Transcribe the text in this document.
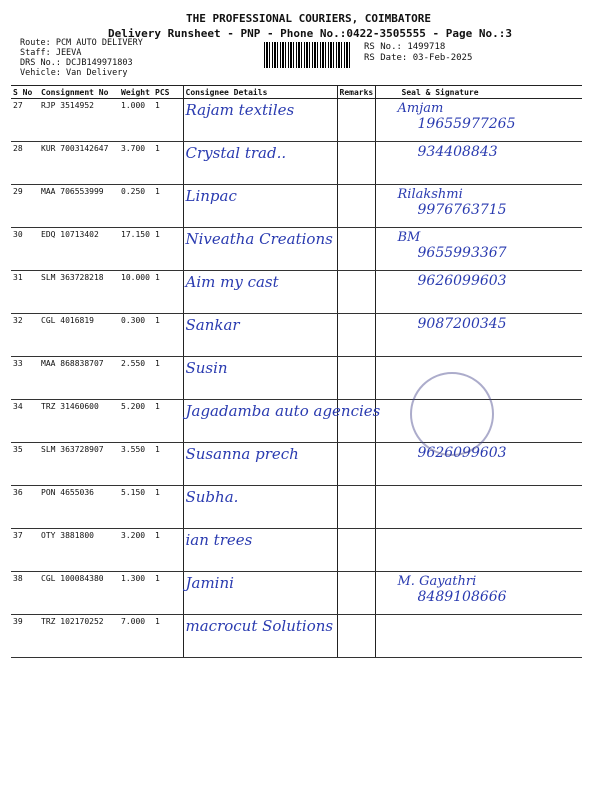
THE PROFESSIONAL COURIERS, COIMBATORE
Delivery Runsheet - PNP - Phone No.:0422-3505555 - Page No.:3
Route: PCM AUTO DELIVERY
Staff: JEEVA
DRS No.: DCJB149971803
Vehicle: Van Delivery
RS No.: 1499718
RS Date: 03-Feb-2025
S No	Consignment No	Weight	PCS	Consignee Details	Remarks	Seal & Signature
27	RJP 3514952	1.000	1	Rajam textiles		Amjam
19655977265

28	KUR 7003142647	3.700	1	Crystal trad..		934408843

29	MAA 706553999	0.250	1	Linpac		Rilakshmi
9976763715

30	EDQ 10713402	17.150	1	Niveatha Creations		BM
9655993367

31	SLM 363728218	10.000	1	Aim my cast		9626099603

32	CGL 4016819	0.300	1	Sankar		9087200345

33	MAA 868838707	2.550	1	Susin		

34	TRZ 31460600	5.200	1	Jagadamba auto agencies		

35	SLM 363728907	3.550	1	Susanna prech		9626099603

36	PON 4655036	5.150	1	Subha.		

37	OTY 3881800	3.200	1	ian trees		

38	CGL 100084380	1.300	1	Jamini		M. Gayathri
8489108666

39	TRZ 102170252	7.000	1	macrocut Solutions		
